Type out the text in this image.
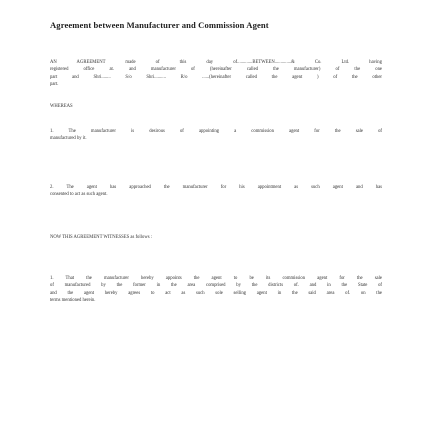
Agreement between Manufacturer and Commission Agent
AN AGREEMENT made of this day of.............BETWEEN..............& Co. Ltd. having
registered office at. and manufacturer of (hereinafter called the manufacturer) of the one
part and Shri........ S/o Shri.......... R/o ......(hereinafter called the agent ) of the other
part.
WHEREAS
1. The manufacturer is desirous of appointing a commission agent for the sale of
manufactured by it.
2. The agent has approached the manufacturer for his appointment as such agent and has
consented to act as such agent.
NOW THIS AGREEMENT WITNESSES as follows :
1. That the manufacturer hereby appoints the agent to be its commission agent for the sale
of manufactured by the former in the area comprised by the districts of. and in the State of
and the agent hereby agrees to act as such sole selling agent in the said area of. on the
terms mentioned herein.
